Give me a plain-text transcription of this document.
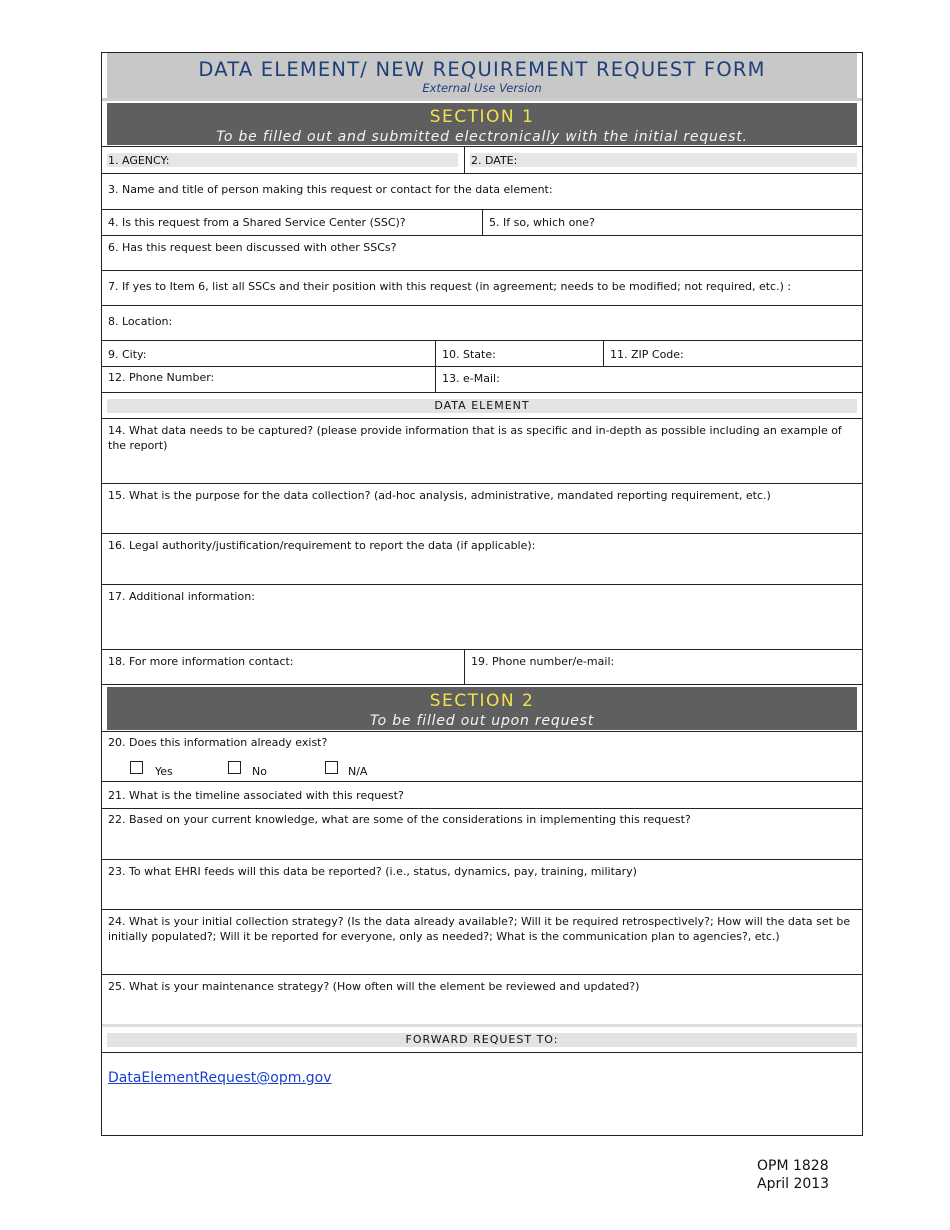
DATA ELEMENT/ NEW REQUIREMENT REQUEST FORM
External Use Version
SECTION 1
To be filled out and submitted electronically with the initial request.
1. AGENCY:	2. DATE:
3. Name and title of person making this request or contact for the data element:
4. Is this request from a Shared Service Center (SSC)?	5. If so, which one?
6. Has this request been discussed with other SSCs?
7. If yes to Item 6, list all SSCs and their position with this request (in agreement; needs to be modified; not required, etc.) :
8. Location:
9. City:	10. State:	11. ZIP Code:
12. Phone Number:	13. e-Mail:
DATA ELEMENT
14. What data needs to be captured? (please provide information that is as specific and in-depth as possible including an example of the report)
15. What is the purpose for the data collection? (ad-hoc analysis, administrative, mandated reporting requirement, etc.)
16. Legal authority/justification/requirement to report the data (if applicable):
17. Additional information:
18. For more information contact:	19. Phone number/e-mail:
SECTION 2
To be filled out upon request
20. Does this information already exist?
Yes	No	N/A
21. What is the timeline associated with this request?
22. Based on your current knowledge, what are some of the considerations in implementing this request?
23. To what EHRI feeds will this data be reported? (i.e., status, dynamics, pay, training, military)
24. What is your initial collection strategy? (Is the data already available?; Will it be required retrospectively?; How will the data set be initially populated?; Will it be reported for everyone, only as needed?; What is the communication plan to agencies?, etc.)
25. What is your maintenance strategy? (How often will the element be reviewed and updated?)
FORWARD REQUEST TO:
DataElementRequest@opm.gov
OPM 1828
April 2013
